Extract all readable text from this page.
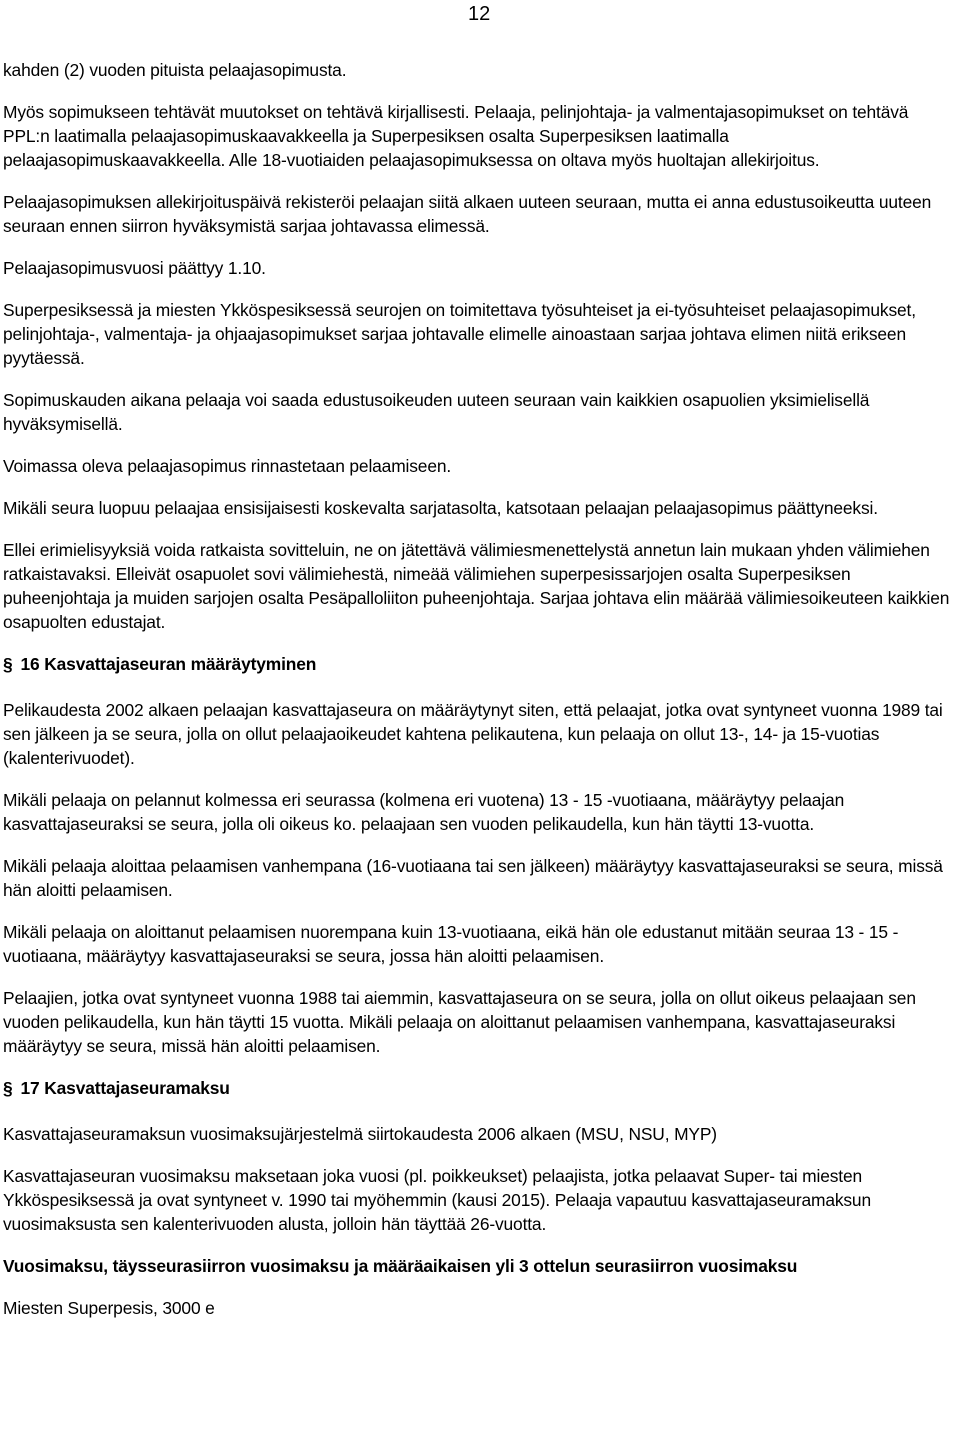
12

kahden (2) vuoden pituista pelaajasopimusta.

Myös sopimukseen tehtävät muutokset on tehtävä kirjallisesti. Pelaaja, pelinjohtaja- ja valmentajasopimukset on tehtävä PPL:n laatimalla pelaajasopimuskaavakkeella ja Superpesiksen osalta Superpesiksen laatimalla pelaajasopimuskaavakkeella. Alle 18-vuotiaiden pelaajasopimuksessa on oltava myös huoltajan allekirjoitus.

Pelaajasopimuksen allekirjoituspäivä rekisteröi pelaajan siitä alkaen uuteen seuraan, mutta ei anna edustusoikeutta uuteen seuraan ennen siirron hyväksymistä sarjaa johtavassa elimessä.

Pelaajasopimusvuosi päättyy 1.10.

Superpesiksessä ja miesten Ykköspesiksessä seurojen on toimitettava työsuhteiset ja ei-työsuhteiset pelaajasopimukset, pelinjohtaja-, valmentaja- ja ohjaajasopimukset sarjaa johtavalle elimelle ainoastaan sarjaa johtava elimen niitä erikseen pyytäessä.

Sopimuskauden aikana pelaaja voi saada edustusoikeuden uuteen seuraan vain kaikkien osapuolien yksimielisellä hyväksymisellä.

Voimassa oleva pelaajasopimus rinnastetaan pelaamiseen.

Mikäli seura luopuu pelaajaa ensisijaisesti koskevalta sarjatasolta, katsotaan pelaajan pelaajasopimus päättyneeksi.

Ellei erimielisyyksiä voida ratkaista sovitteluin, ne on jätettävä välimiesmenettelystä annetun lain mukaan yhden välimiehen ratkaistavaksi. Elleivät osapuolet sovi välimiehestä, nimeää välimiehen superpesissarjojen osalta Superpesiksen puheenjohtaja ja muiden sarjojen osalta Pesäpalloliiton puheenjohtaja. Sarjaa johtava elin määrää välimiesoikeuteen kaikkien osapuolten edustajat.

§ 16 Kasvattajaseuran määräytyminen

Pelikaudesta 2002 alkaen pelaajan kasvattajaseura on määräytynyt siten, että pelaajat, jotka ovat syntyneet vuonna 1989 tai sen jälkeen ja se seura, jolla on ollut pelaajaoikeudet kahtena pelikautena, kun pelaaja on ollut 13-, 14- ja 15-vuotias (kalenterivuodet).

Mikäli pelaaja on pelannut kolmessa eri seurassa (kolmena eri vuotena) 13 - 15 -vuotiaana, määräytyy pelaajan kasvattajaseuraksi se seura, jolla oli oikeus ko. pelaajaan sen vuoden pelikaudella, kun hän täytti 13-vuotta.

Mikäli pelaaja aloittaa pelaamisen vanhempana (16-vuotiaana tai sen jälkeen) määräytyy kasvattajaseuraksi se seura, missä hän aloitti pelaamisen.

Mikäli pelaaja on aloittanut pelaamisen nuorempana kuin 13-vuotiaana, eikä hän ole edustanut mitään seuraa 13 - 15 -vuotiaana, määräytyy kasvattajaseuraksi se seura, jossa hän aloitti pelaamisen.

Pelaajien, jotka ovat syntyneet vuonna 1988 tai aiemmin, kasvattajaseura on se seura, jolla on ollut oikeus pelaajaan sen vuoden pelikaudella, kun hän täytti 15 vuotta. Mikäli pelaaja on aloittanut pelaamisen vanhempana, kasvattajaseuraksi määräytyy se seura, missä hän aloitti pelaamisen.

§ 17 Kasvattajaseuramaksu

Kasvattajaseuramaksun vuosimaksujärjestelmä siirtokaudesta 2006 alkaen (MSU, NSU, MYP)

Kasvattajaseuran vuosimaksu maksetaan joka vuosi (pl. poikkeukset) pelaajista, jotka pelaavat Super- tai miesten Ykköspesiksessä ja ovat syntyneet v. 1990 tai myöhemmin (kausi 2015). Pelaaja vapautuu kasvattajaseuramaksun vuosimaksusta sen kalenterivuoden alusta, jolloin hän täyttää 26-vuotta.

Vuosimaksu, täysseurasiirron vuosimaksu ja määräaikaisen yli 3 ottelun seurasiirron vuosimaksu

Miesten Superpesis, 3000 e
